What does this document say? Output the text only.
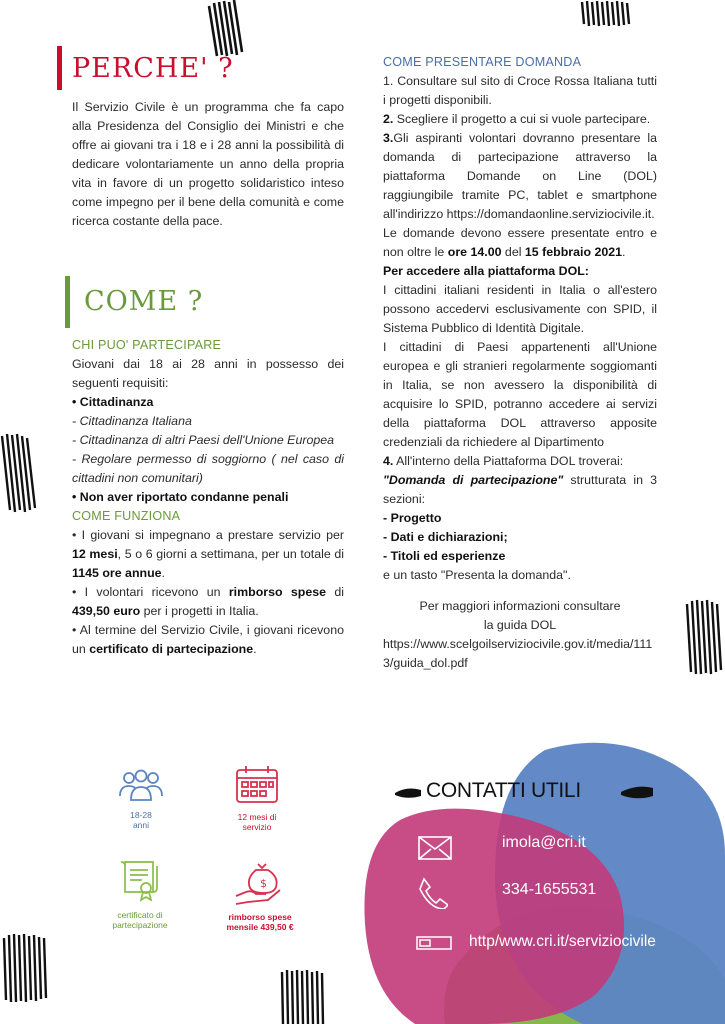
PERCHE' ?

Il Servizio Civile è un programma che fa capo alla Presidenza del Consiglio dei Ministri e che offre ai giovani tra i 18 e i 28 anni la possibilità di dedicare volontariamente un anno della propria vita in favore di un progetto solidaristico inteso come impegno per il bene della comunità e come ricerca costante della pace.

COME ?

CHI PUO' PARTECIPARE

Giovani dai 18 ai 28 anni in possesso dei seguenti requisiti:

• Cittadinanza

- Cittadinanza Italiana

- Cittadinanza di altri Paesi dell'Unione Europea

- Regolare permesso di soggiorno ( nel caso di cittadini non comunitari)

• Non aver riportato condanne penali

COME FUNZIONA

• I giovani si impegnano a prestare servizio per 12 mesi, 5 o 6 giorni a settimana, per un totale di 1145 ore annue.

• I volontari ricevono un rimborso spese di 439,50 euro per i progetti in Italia.

• Al termine del Servizio Civile, i giovani ricevono un certificato di partecipazione.

COME PRESENTARE DOMANDA

1. Consultare sul sito di Croce Rossa Italiana tutti i progetti disponibili.

2. Scegliere il progetto a cui si vuole partecipare.

3.Gli aspiranti volontari dovranno presentare la domanda di partecipazione attraverso la piattaforma Domande on Line (DOL) raggiungibile tramite PC, tablet e smartphone all'indirizzo https://domandaonline.serviziocivile.it.

Le domande devono essere presentate entro e non oltre le ore 14.00 del 15 febbraio 2021.

Per accedere alla piattaforma DOL:

I cittadini italiani residenti in Italia o all'estero possono accedervi esclusivamente con SPID, il Sistema Pubblico di Identità Digitale.

I cittadini di Paesi appartenenti all'Unione europea e gli stranieri regolarmente soggiomanti in Italia, se non avessero la disponibilità di acquisire lo SPID, potranno accedere ai servizi della piattaforma DOL attraverso apposite credenziali da richiedere al Dipartimento

4. All'interno della Piattaforma DOL troverai:

"Domanda di partecipazione" strutturata in 3 sezioni:

- Progetto

- Dati e dichiarazioni;

- Titoli ed esperienze

e un tasto "Presenta la domanda".

Per maggiori informazioni consultare

la guida DOL

https://www.scelgoilserviziocivile.gov.it/media/1113/guida_dol.pdf

18-28 anni
12 mesi di servizio
certificato di partecipazione
$
rimborso spese mensile 439,50 €
CONTATTI UTILI
imola@cri.it
334-1655531
http/www.cri.it/serviziocivile
